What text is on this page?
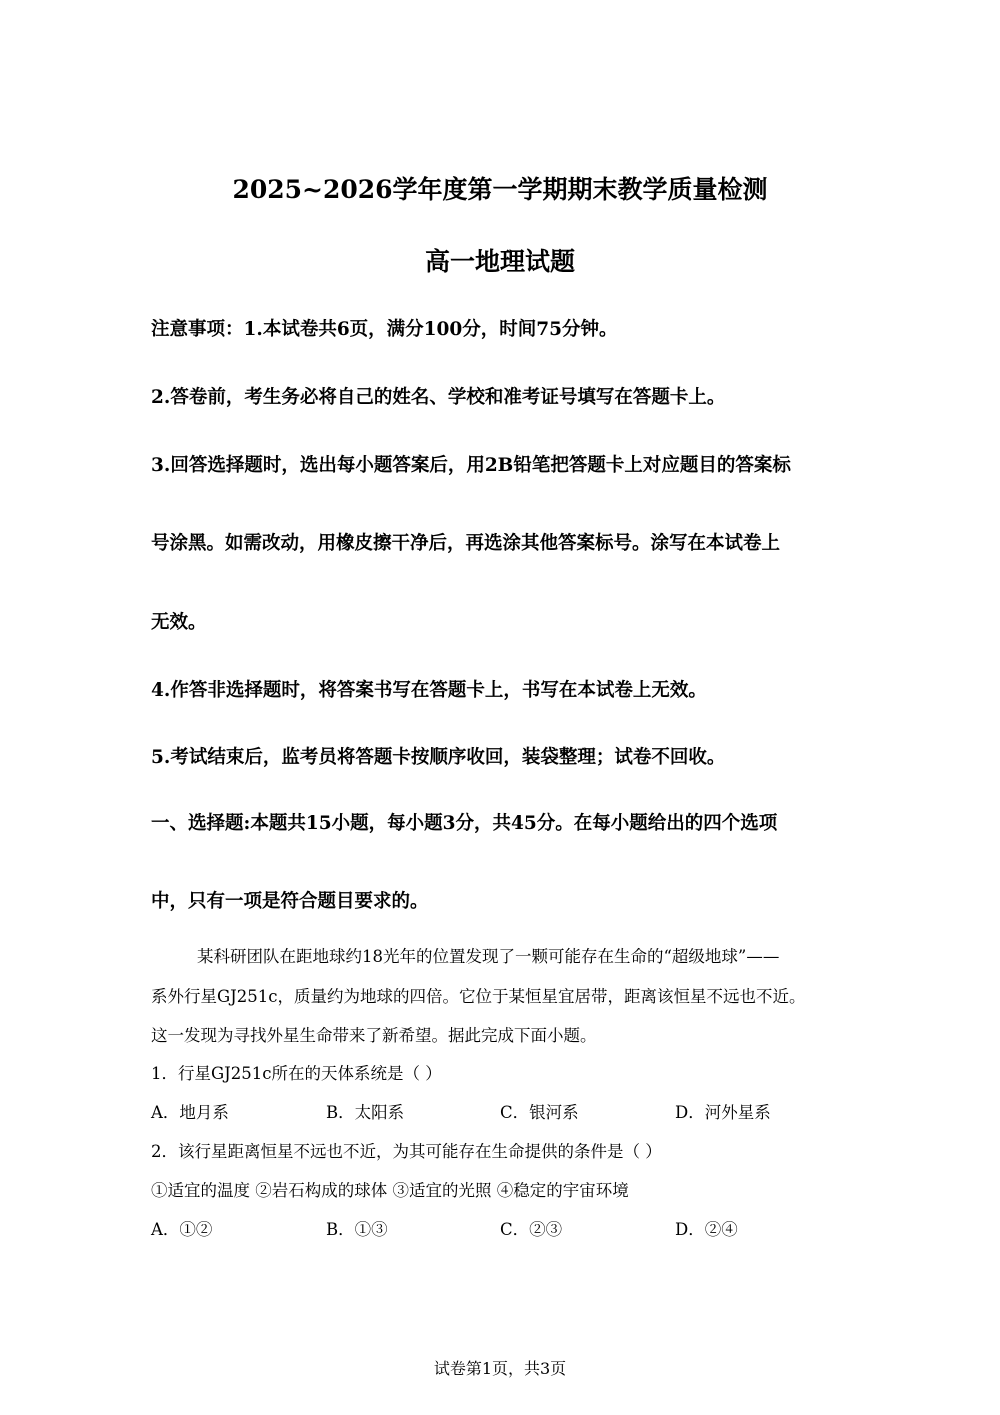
2025~2026学年度第一学期期末教学质量检测
高一地理试题

注意事项：1.本试卷共6页，满分100分，时间75分钟。

2.答卷前，考生务必将自己的姓名、学校和准考证号填写在答题卡上。

3.回答选择题时，选出每小题答案后，用2B铅笔把答题卡上对应题目的答案标

号涂黑。如需改动，用橡皮擦干净后，再选涂其他答案标号。涂写在本试卷上

无效。

4.作答非选择题时，将答案书写在答题卡上，书写在本试卷上无效。

5.考试结束后，监考员将答题卡按顺序收回，装袋整理；试卷不回收。

一、选择题:本题共15小题，每小题3分，共45分。在每小题给出的四个选项

中，只有一项是符合题目要求的。

某科研团队在距地球约18光年的位置发现了一颗可能存在生命的“超级地球”——

系外行星GJ251c，质量约为地球的四倍。它位于某恒星宜居带，距离该恒星不远也不近。

这一发现为寻找外星生命带来了新希望。据此完成下面小题。

1．行星GJ251c所在的天体系统是（ ）

A．地月系	B．太阳系	C．银河系	D．河外星系

2．该行星距离恒星不远也不近，为其可能存在生命提供的条件是（ ）

①适宜的温度 ②岩石构成的球体 ③适宜的光照 ④稳定的宇宙环境

A．①②	B．①③	C．②③	D．②④
试卷第1页，共3页
